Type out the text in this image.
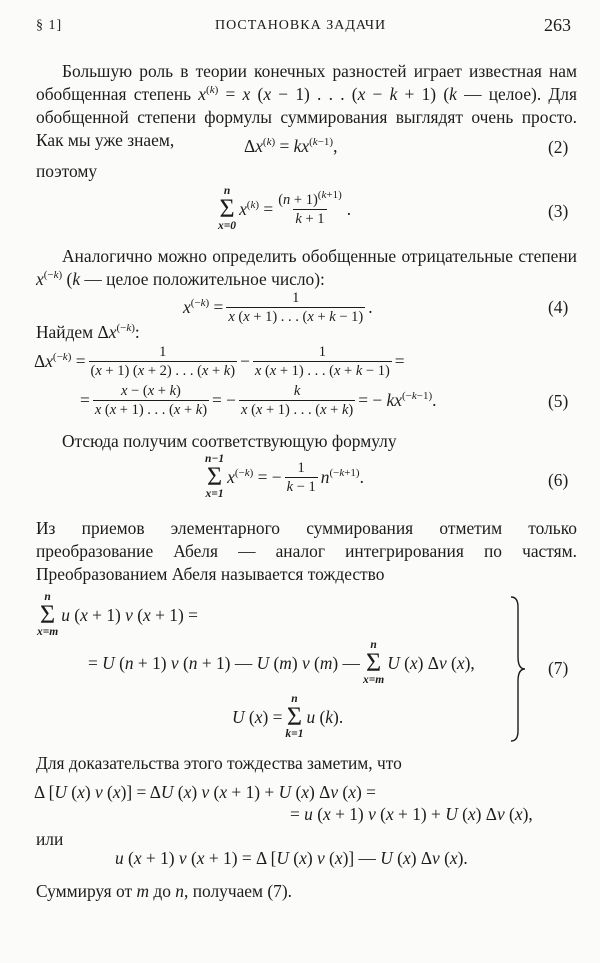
§ 1]	ПОСТАНОВКА ЗАДАЧИ	263
Большую роль в теории конечных разностей играет известная нам обобщенная степень $x^{(k)} = x$ (x − 1) . . . (x − k + 1) (k — целое). Для обобщенной степени формулы суммирования выглядят очень просто. Как мы уже знаем,	$\Delta x^{(k)} = kx^{(k-1)}$,	(2)
поэтому
n
Σ
x=0
$x^{(k)} = \frac{(n + 1)^{(k+1)}}{k + 1}$ .	(3)
Аналогично можно определить обобщенные отрицательные степени $x^{(-k)}$ (k — целое положительное число):
$x^{(-k)} = \frac{1}{x (x + 1) . . . (x + k - 1)}$ .	(4)
Найдем $\Delta x^{(-k)}$:
$\Delta x^{(-k)} = \frac{1}{(x + 1) (x + 2) . . . (x + k)} - \frac{1}{x (x + 1) . . . (x + k - 1)}$ =
= $\frac{x - (x + k)}{x (x + 1) . . . (x + k)}$ = − $\frac{k}{x (x + 1) . . . (x + k)}$ = − $kx^{(-k-1)}$.	(5)
Отсюда получим соответствующую формулу
n−1
Σ
x=1
$x^{(-k)}$ = − $\frac{1}{k - 1} n^{(-k+1)}$.	(6)
Из приемов элементарного суммирования отметим только преобразование Абеля — аналог интегрирования по частям. Преобразованием Абеля называется тождество
n
Σ
x=m
u (x + 1) v (x + 1) =
= U (n + 1) v (n + 1) — U (m) v (m) —
n
Σ
x=m
U (x) Δv (x),
U (x) =
n
Σ
k=1
u (k).
(7)
Для доказательства этого тождества заметим, что
Δ [U (x) v (x)] = ΔU (x) v (x + 1) + U (x) Δv (x) =
= u (x + 1) v (x + 1) + U (x) Δv (x),
или
u (x + 1) v (x + 1) = Δ [U (x) v (x)] — U (x) Δv (x).
Суммируя от m до n, получаем (7).
